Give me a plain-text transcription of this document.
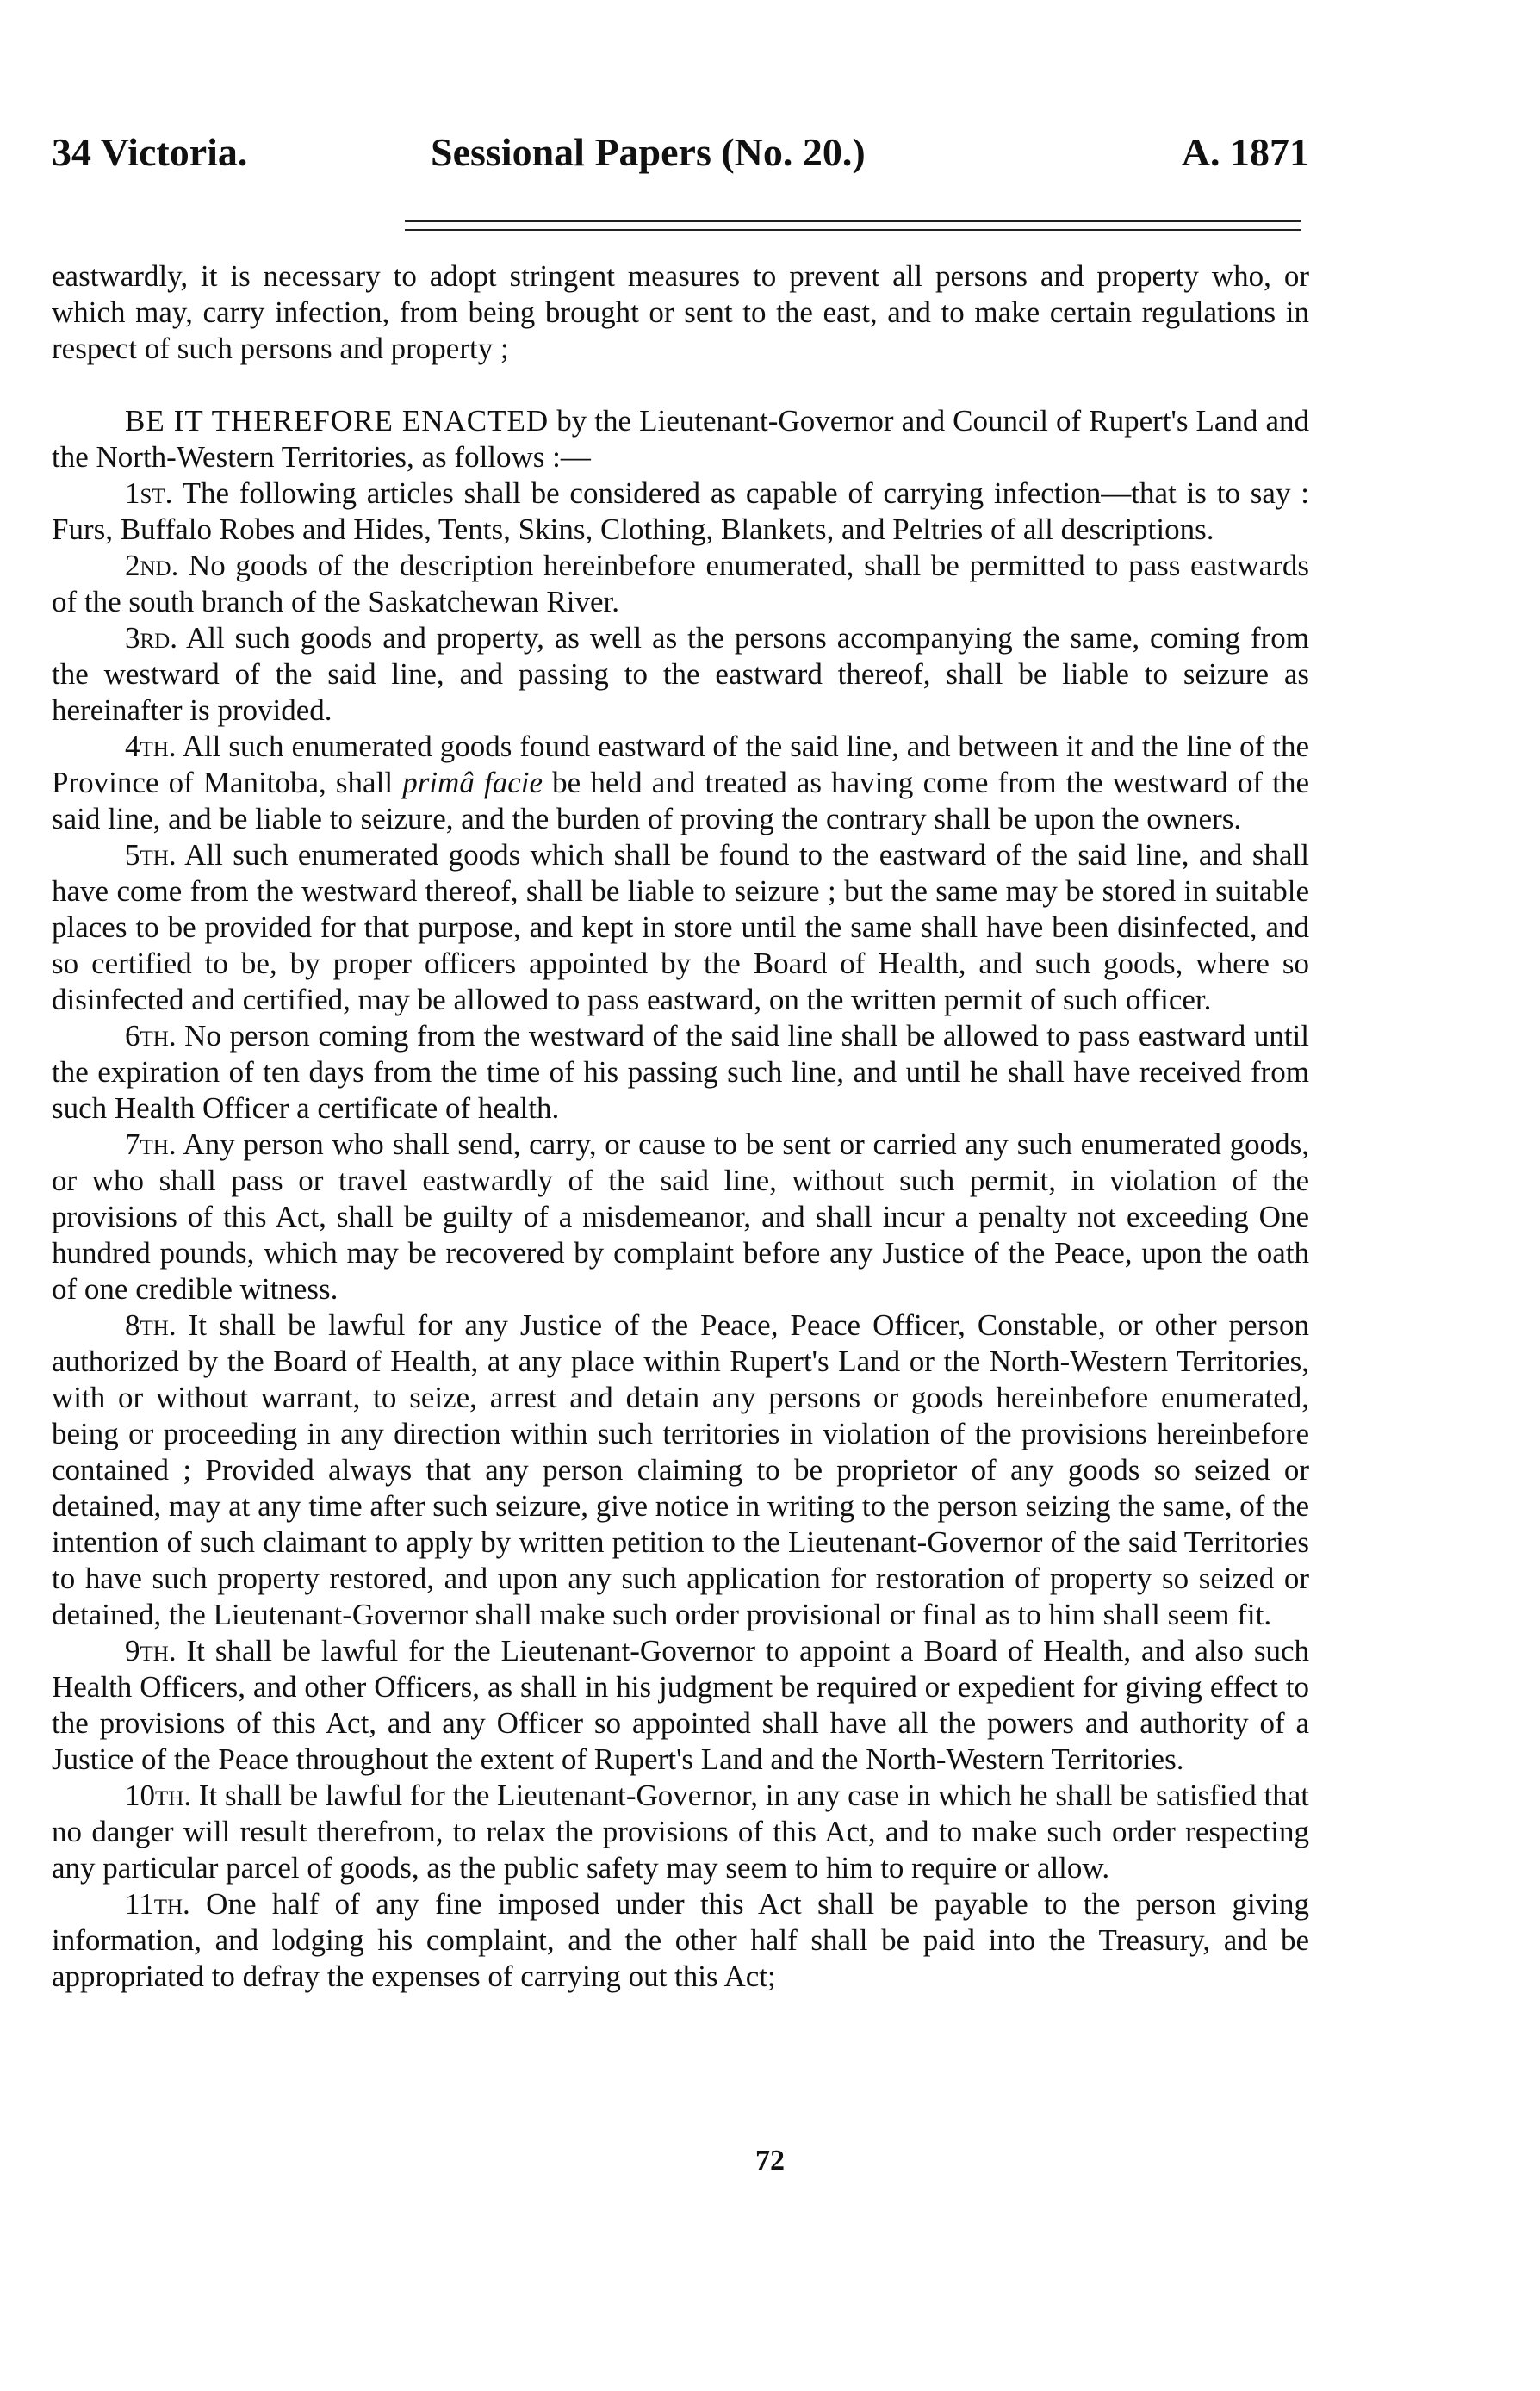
34 Victoria.	Sessional Papers (No. 20.)	A. 1871

eastwardly, it is necessary to adopt stringent measures to prevent all persons and property who, or which may, carry infection, from being brought or sent to the east, and to make certain regulations in respect of such persons and property ;

BE IT THEREFORE ENACTED by the Lieutenant-Governor and Council of Rupert's Land and the North-Western Territories, as follows :—

1st. The following articles shall be considered as capable of carrying infection—that is to say : Furs, Buffalo Robes and Hides, Tents, Skins, Clothing, Blankets, and Peltries of all descriptions.

2nd. No goods of the description hereinbefore enumerated, shall be permitted to pass eastwards of the south branch of the Saskatchewan River.

3rd. All such goods and property, as well as the persons accompanying the same, coming from the westward of the said line, and passing to the eastward thereof, shall be liable to seizure as hereinafter is provided.

4th. All such enumerated goods found eastward of the said line, and between it and the line of the Province of Manitoba, shall primâ facie be held and treated as having come from the westward of the said line, and be liable to seizure, and the burden of proving the contrary shall be upon the owners.

5th. All such enumerated goods which shall be found to the eastward of the said line, and shall have come from the westward thereof, shall be liable to seizure ; but the same may be stored in suitable places to be provided for that purpose, and kept in store until the same shall have been disinfected, and so certified to be, by proper officers appointed by the Board of Health, and such goods, where so disinfected and certified, may be allowed to pass eastward, on the written permit of such officer.

6th. No person coming from the westward of the said line shall be allowed to pass eastward until the expiration of ten days from the time of his passing such line, and until he shall have received from such Health Officer a certificate of health.

7th. Any person who shall send, carry, or cause to be sent or carried any such enumerated goods, or who shall pass or travel eastwardly of the said line, without such permit, in violation of the provisions of this Act, shall be guilty of a misdemeanor, and shall incur a penalty not exceeding One hundred pounds, which may be recovered by complaint before any Justice of the Peace, upon the oath of one credible witness.

8th. It shall be lawful for any Justice of the Peace, Peace Officer, Constable, or other person authorized by the Board of Health, at any place within Rupert's Land or the North-Western Territories, with or without warrant, to seize, arrest and detain any persons or goods hereinbefore enumerated, being or proceeding in any direction within such territories in violation of the provisions hereinbefore contained ; Provided always that any person claiming to be proprietor of any goods so seized or detained, may at any time after such seizure, give notice in writing to the person seizing the same, of the intention of such claimant to apply by written petition to the Lieutenant-Governor of the said Territories to have such property restored, and upon any such application for restoration of property so seized or detained, the Lieutenant-Governor shall make such order provisional or final as to him shall seem fit.

9th. It shall be lawful for the Lieutenant-Governor to appoint a Board of Health, and also such Health Officers, and other Officers, as shall in his judgment be required or expedient for giving effect to the provisions of this Act, and any Officer so appointed shall have all the powers and authority of a Justice of the Peace throughout the extent of Rupert's Land and the North-Western Territories.

10th. It shall be lawful for the Lieutenant-Governor, in any case in which he shall be satisfied that no danger will result therefrom, to relax the provisions of this Act, and to make such order respecting any particular parcel of goods, as the public safety may seem to him to require or allow.

11th. One half of any fine imposed under this Act shall be payable to the person giving information, and lodging his complaint, and the other half shall be paid into the Treasury, and be appropriated to defray the expenses of carrying out this Act;

72
